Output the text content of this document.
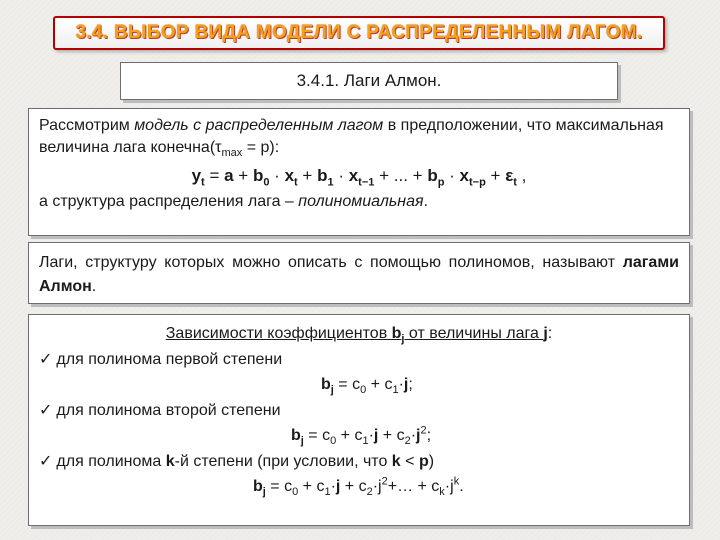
3.4. ВЫБОР ВИДА МОДЕЛИ С РАСПРЕДЕЛЕННЫМ ЛАГОМ.
3.4.1. Лаги Алмон.
Рассмотрим модель с распределенным лагом в предположении, что максимальная величина лага $конечна(\tau_{max} = p)$:
$y_t = a + b_0 \cdot x_t + b_1 \cdot x_{t-1}$ + ... + $b_p \cdot x_{t-p} + \varepsilon_t$ ,
а структура распределения лага – полиномиальная.
Лаги, структуру которых можно описать с помощью полиномов, называют лагами Алмон.
Зависимости коэффициентов $b_j$ от величины лага j:
✓ для полинома первой степени
$b_j = c_0 + c_1\cdot j$;
✓ для полинома второй степени
$b_j = c_0 + c_1\cdot j + c_2\cdot j^2$;
✓ для полинома k-й степени (при условии, что k < p)
$b_j = c_0 + c_1\cdot j$ + $c_2\cdot j^2+\dots + c_k\cdot j^k$.
